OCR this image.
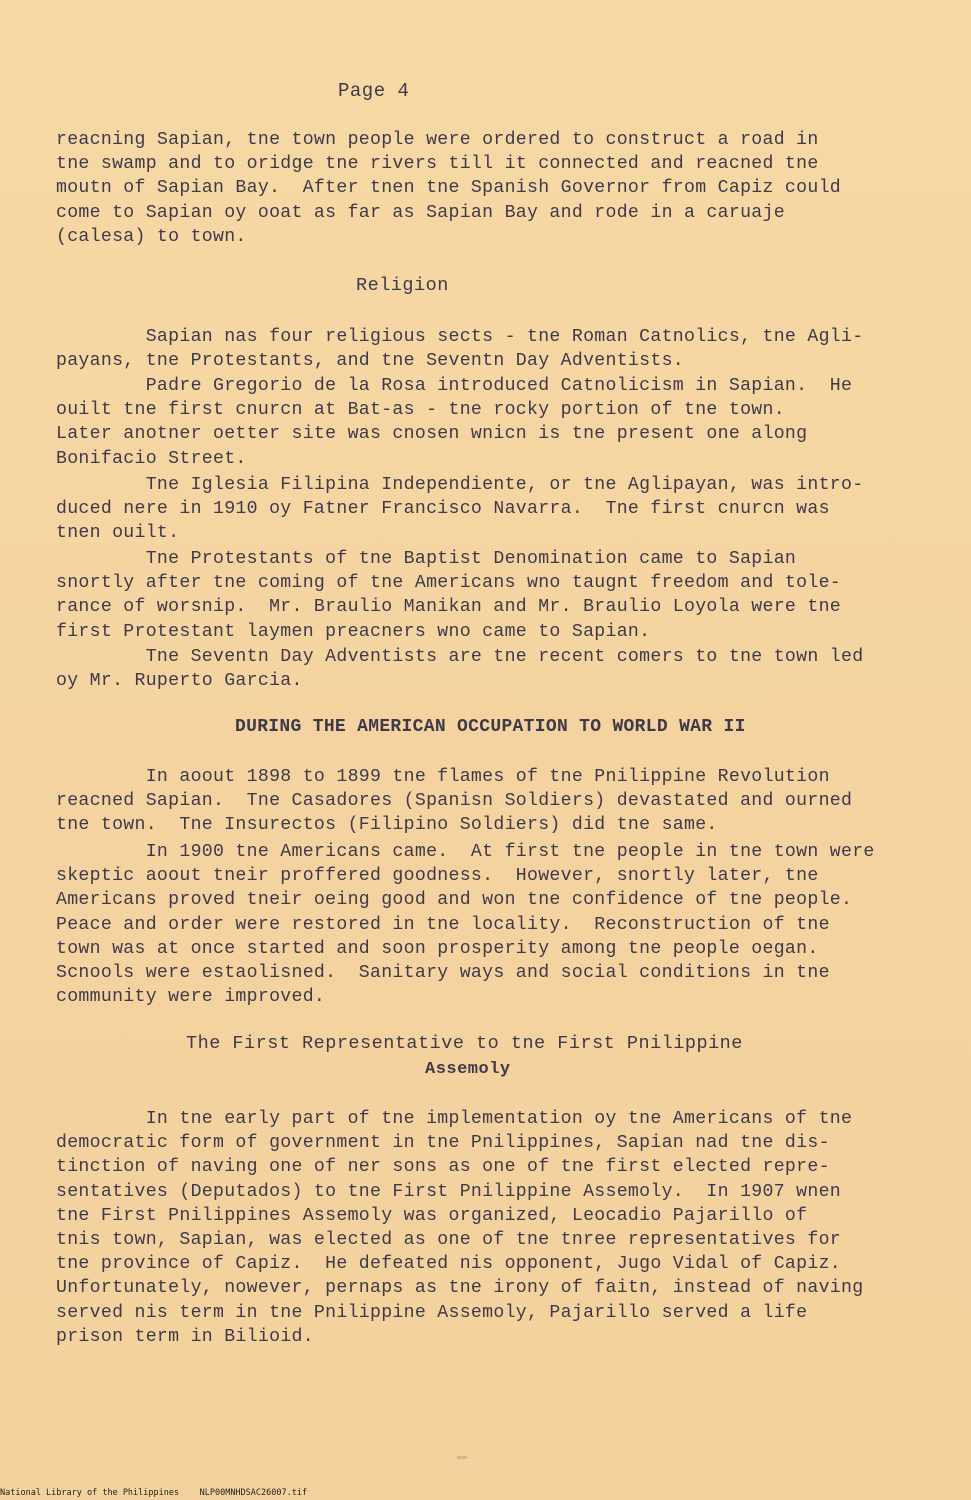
Page 4

reacning Sapian, tne town people were ordered to construct a road in
tne swamp and to oridge tne rivers till it connected and reacned tne
moutn of Sapian Bay.  After tnen tne Spanish Governor from Capiz could
come to Sapian oy ooat as far as Sapian Bay and rode in a caruaje
(calesa) to town.

Religion

Sapian nas four religious sects - tne Roman Catnolics, tne Agli-
payans, tne Protestants, and tne Seventn Day Adventists.

Padre Gregorio de la Rosa introduced Catnolicism in Sapian.  He
ouilt tne first cnurcn at Bat-as - tne rocky portion of tne town.
Later anotner oetter site was cnosen wnicn is tne present one along
Bonifacio Street.

Tne Iglesia Filipina Independiente, or tne Aglipayan, was intro-
duced nere in 1910 oy Fatner Francisco Navarra.  Tne first cnurcn was
tnen ouilt.

Tne Protestants of tne Baptist Denomination came to Sapian
snortly after tne coming of tne Americans wno taugnt freedom and tole-
rance of worsnip.  Mr. Braulio Manikan and Mr. Braulio Loyola were tne
first Protestant laymen preacners wno came to Sapian.

Tne Seventn Day Adventists are tne recent comers to tne town led
oy Mr. Ruperto Garcia.

DURING THE AMERICAN OCCUPATION TO WORLD WAR II

In aoout 1898 to 1899 tne flames of tne Pnilippine Revolution
reacned Sapian.  Tne Casadores (Spanisn Soldiers) devastated and ourned
tne town.  Tne Insurectos (Filipino Soldiers) did tne same.

In 1900 tne Americans came.  At first tne people in tne town were
skeptic aoout tneir proffered goodness.  However, snortly later, tne
Americans proved tneir oeing good and won tne confidence of tne people.
Peace and order were restored in tne locality.  Reconstruction of tne
town was at once started and soon prosperity among tne people oegan.
Scnools were estaolisned.  Sanitary ways and social conditions in tne
community were improved.

The First Representative to tne First Pnilippine
Assemoly

In tne early part of tne implementation oy tne Americans of tne
democratic form of government in tne Pnilippines, Sapian nad tne dis-
tinction of naving one of ner sons as one of tne first elected repre-
sentatives (Deputados) to tne First Pnilippine Assemoly.  In 1907 wnen
tne First Pnilippines Assemoly was organized, Leocadio Pajarillo of
tnis town, Sapian, was elected as one of tne tnree representatives for
tne province of Capiz.  He defeated nis opponent, Jugo Vidal of Capiz.
Unfortunately, nowever, pernaps as tne irony of faitn, instead of naving
served nis term in tne Pnilippine Assemoly, Pajarillo served a life
prison term in Bilioid.

National Library of the Philippines NLP00MNHDSAC26007.tif
